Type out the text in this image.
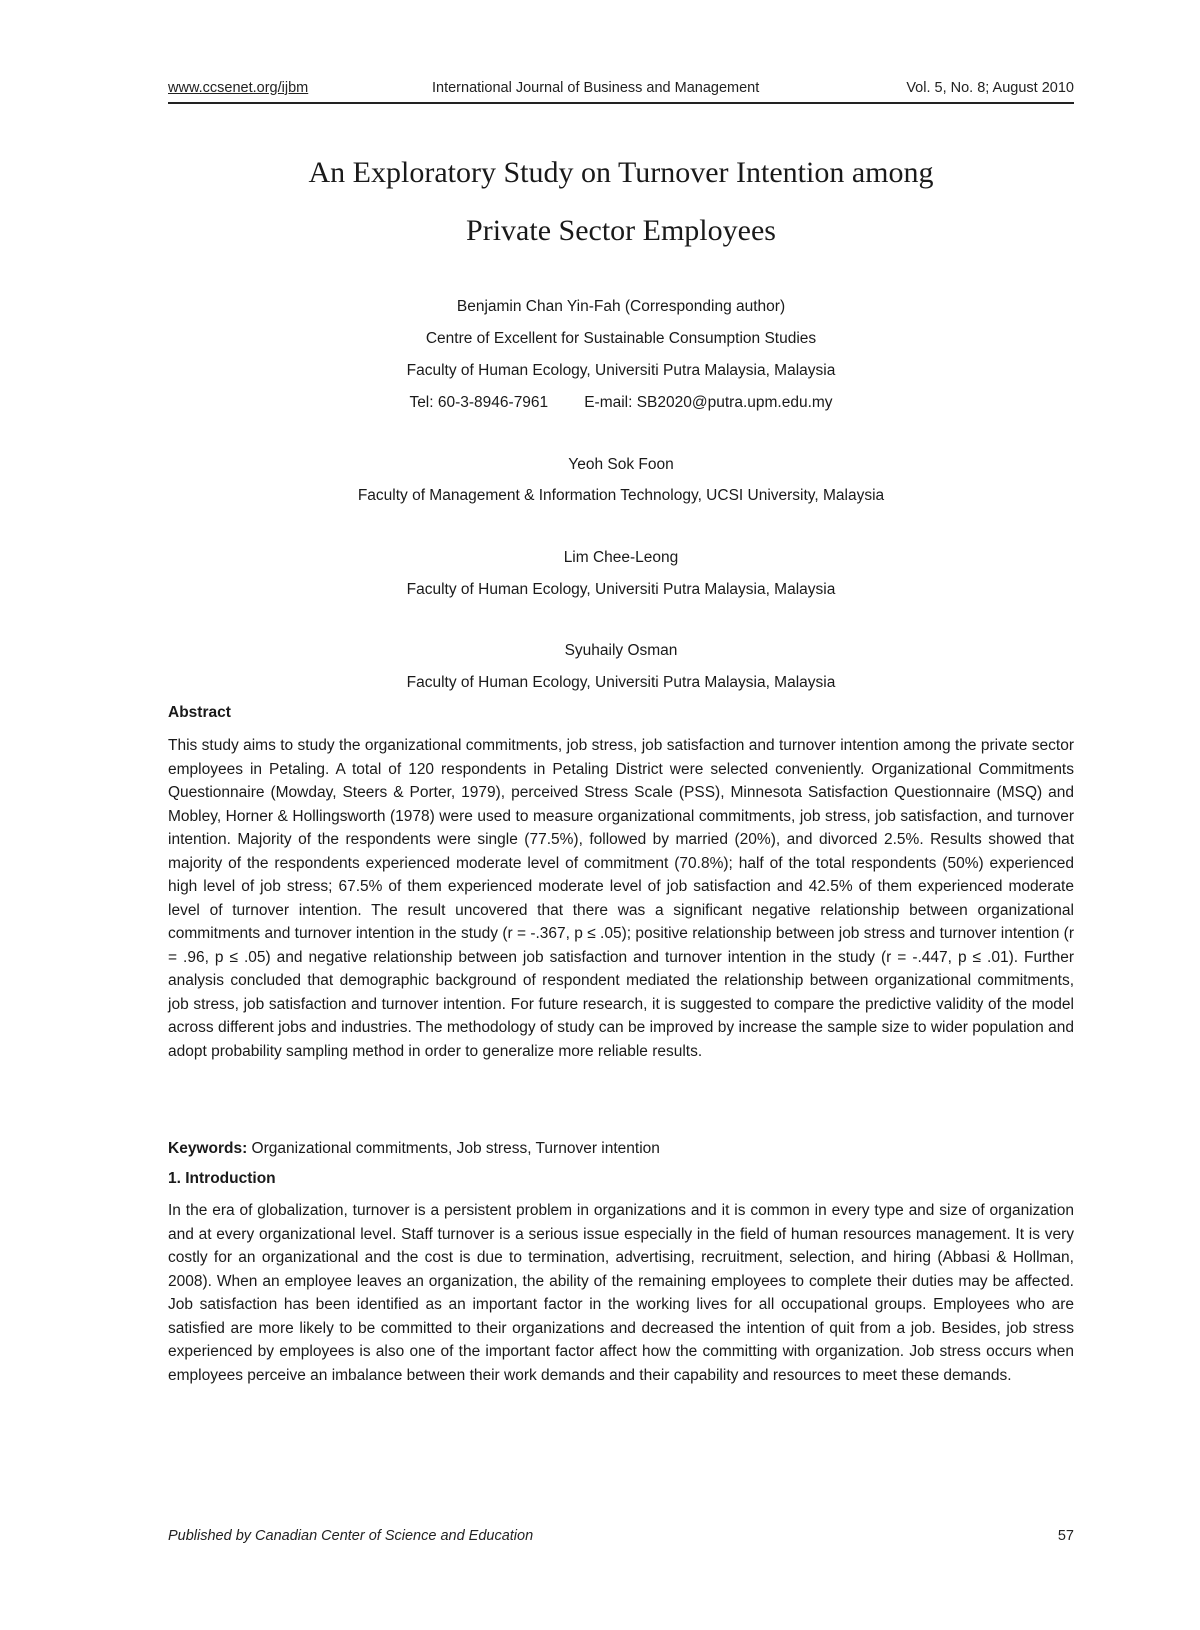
www.ccsenet.org/ijbm	International Journal of Business and Management	Vol. 5, No. 8; August 2010
An Exploratory Study on Turnover Intention among
Private Sector Employees
Benjamin Chan Yin-Fah (Corresponding author)
Centre of Excellent for Sustainable Consumption Studies
Faculty of Human Ecology, Universiti Putra Malaysia, Malaysia
Tel: 60-3-8946-7961 E-mail: SB2020@putra.upm.edu.my
Yeoh Sok Foon
Faculty of Management & Information Technology, UCSI University, Malaysia
Lim Chee-Leong
Faculty of Human Ecology, Universiti Putra Malaysia, Malaysia
Syuhaily Osman
Faculty of Human Ecology, Universiti Putra Malaysia, Malaysia
Abstract
This study aims to study the organizational commitments, job stress, job satisfaction and turnover intention among the private sector employees in Petaling. A total of 120 respondents in Petaling District were selected conveniently. Organizational Commitments Questionnaire (Mowday, Steers & Porter, 1979), perceived Stress Scale (PSS), Minnesota Satisfaction Questionnaire (MSQ) and Mobley, Horner & Hollingsworth (1978) were used to measure organizational commitments, job stress, job satisfaction, and turnover intention. Majority of the respondents were single (77.5%), followed by married (20%), and divorced 2.5%. Results showed that majority of the respondents experienced moderate level of commitment (70.8%); half of the total respondents (50%) experienced high level of job stress; 67.5% of them experienced moderate level of job satisfaction and 42.5% of them experienced moderate level of turnover intention. The result uncovered that there was a significant negative relationship between organizational commitments and turnover intention in the study (r = -.367, p ≤ .05); positive relationship between job stress and turnover intention (r = .96, p ≤ .05) and negative relationship between job satisfaction and turnover intention in the study (r = -.447, p ≤ .01). Further analysis concluded that demographic background of respondent mediated the relationship between organizational commitments, job stress, job satisfaction and turnover intention. For future research, it is suggested to compare the predictive validity of the model across different jobs and industries. The methodology of study can be improved by increase the sample size to wider population and adopt probability sampling method in order to generalize more reliable results.
Keywords: Organizational commitments, Job stress, Turnover intention
1. Introduction
In the era of globalization, turnover is a persistent problem in organizations and it is common in every type and size of organization and at every organizational level. Staff turnover is a serious issue especially in the field of human resources management. It is very costly for an organizational and the cost is due to termination, advertising, recruitment, selection, and hiring (Abbasi & Hollman, 2008). When an employee leaves an organization, the ability of the remaining employees to complete their duties may be affected. Job satisfaction has been identified as an important factor in the working lives for all occupational groups. Employees who are satisfied are more likely to be committed to their organizations and decreased the intention of quit from a job. Besides, job stress experienced by employees is also one of the important factor affect how the committing with organization. Job stress occurs when employees perceive an imbalance between their work demands and their capability and resources to meet these demands.
Published by Canadian Center of Science and Education	57
